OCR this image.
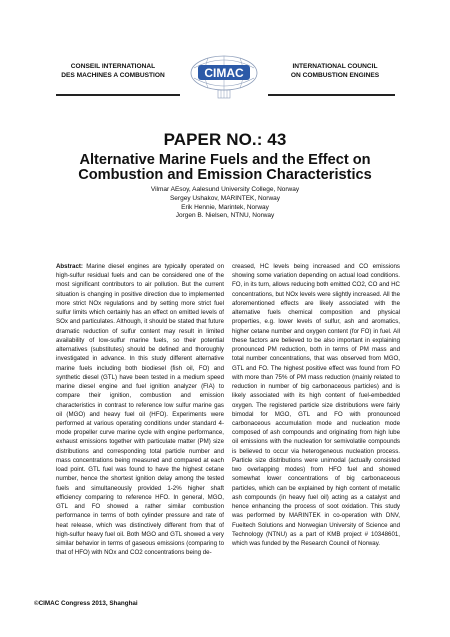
CONSEIL INTERNATIONAL
DES MACHINES A COMBUSTION	CIMAC	INTERNATIONAL COUNCIL
ON COMBUSTION ENGINES
PAPER NO.: 43
Alternative Marine Fuels and the Effect on
Combustion and Emission Characteristics
Vilmar AEsoy, Aalesund University College, Norway
Sergey Ushakov, MARINTEK, Norway
Erik Hennie, Marintek, Norway
Jorgen B. Nielsen, NTNU, Norway

Abstract: Marine diesel engines are typically operated on high-sulfur residual fuels and can be considered one of the most significant contributors to air pollution. But the current situation is changing in positive direction due to implemented more strict NOx regulations and by setting more strict fuel sulfur limits which certainly has an effect on emitted levels of SOx and particulates. Although, it should be stated that future dramatic reduction of sulfur content may result in limited availability of low-sulfur marine fuels, so their potential alternatives (substitutes) should be defined and thoroughly investigated in advance. In this study different alternative marine fuels including both biodiesel (fish oil, FO) and synthetic diesel (GTL) have been tested in a medium speed marine diesel engine and fuel ignition analyzer (FIA) to compare their ignition, combustion and emission characteristics in contrast to reference low sulfur marine gas oil (MGO) and heavy fuel oil (HFO). Experiments were performed at various operating conditions under standard 4-mode propeller curve marine cycle with engine performance, exhaust emissions together with particulate matter (PM) size distributions and corresponding total particle number and mass concentrations being measured and compared at each load point. GTL fuel was found to have the highest cetane number, hence the shortest ignition delay among the tested fuels and simultaneously provided 1-2% higher shaft efficiency comparing to reference HFO. In general, MGO, GTL and FO showed a rather similar combustion performance in terms of both cylinder pressure and rate of heat release, which was distinctively different from that of high-sulfur heavy fuel oil. Both MGO and GTL showed a very similar behavior in terms of gaseous emissions (comparing to that of HFO) with NOx and CO2 concentrations being de-

creased, HC levels being increased and CO emissions showing some variation depending on actual load conditions. FO, in its turn, allows reducing both emitted CO2, CO and HC concentrations, but NOx levels were slightly increased. All the aforementioned effects are likely associated with the alternative fuels chemical composition and physical properties, e.g. lower levels of sulfur, ash and aromatics, higher cetane number and oxygen content (for FO) in fuel. All these factors are believed to be also important in explaining pronounced PM reduction, both in terms of PM mass and total number concentrations, that was observed from MGO, GTL and FO. The highest positive effect was found from FO with more than 75% of PM mass reduction (mainly related to reduction in number of big carbonaceous particles) and is likely associated with its high content of fuel-embedded oxygen. The registered particle size distributions were fairly bimodal for MGO, GTL and FO with pronounced carbonaceous accumulation mode and nucleation mode composed of ash compounds and originating from high lube oil emissions with the nucleation for semivolatile compounds is believed to occur via heterogeneous nucleation process. Particle size distributions were unimodal (actually consisted two overlapping modes) from HFO fuel and showed somewhat lower concentrations of big carbonaceous particles, which can be explained by high content of metallic ash compounds (in heavy fuel oil) acting as a catalyst and hence enhancing the process of soot oxidation. This study was performed by MARINTEK in co-operation with DNV, Fueltech Solutions and Norwegian University of Science and Technology (NTNU) as a part of KMB project # 10348601, which was funded by the Research Council of Norway.

©CIMAC Congress 2013, Shanghai
